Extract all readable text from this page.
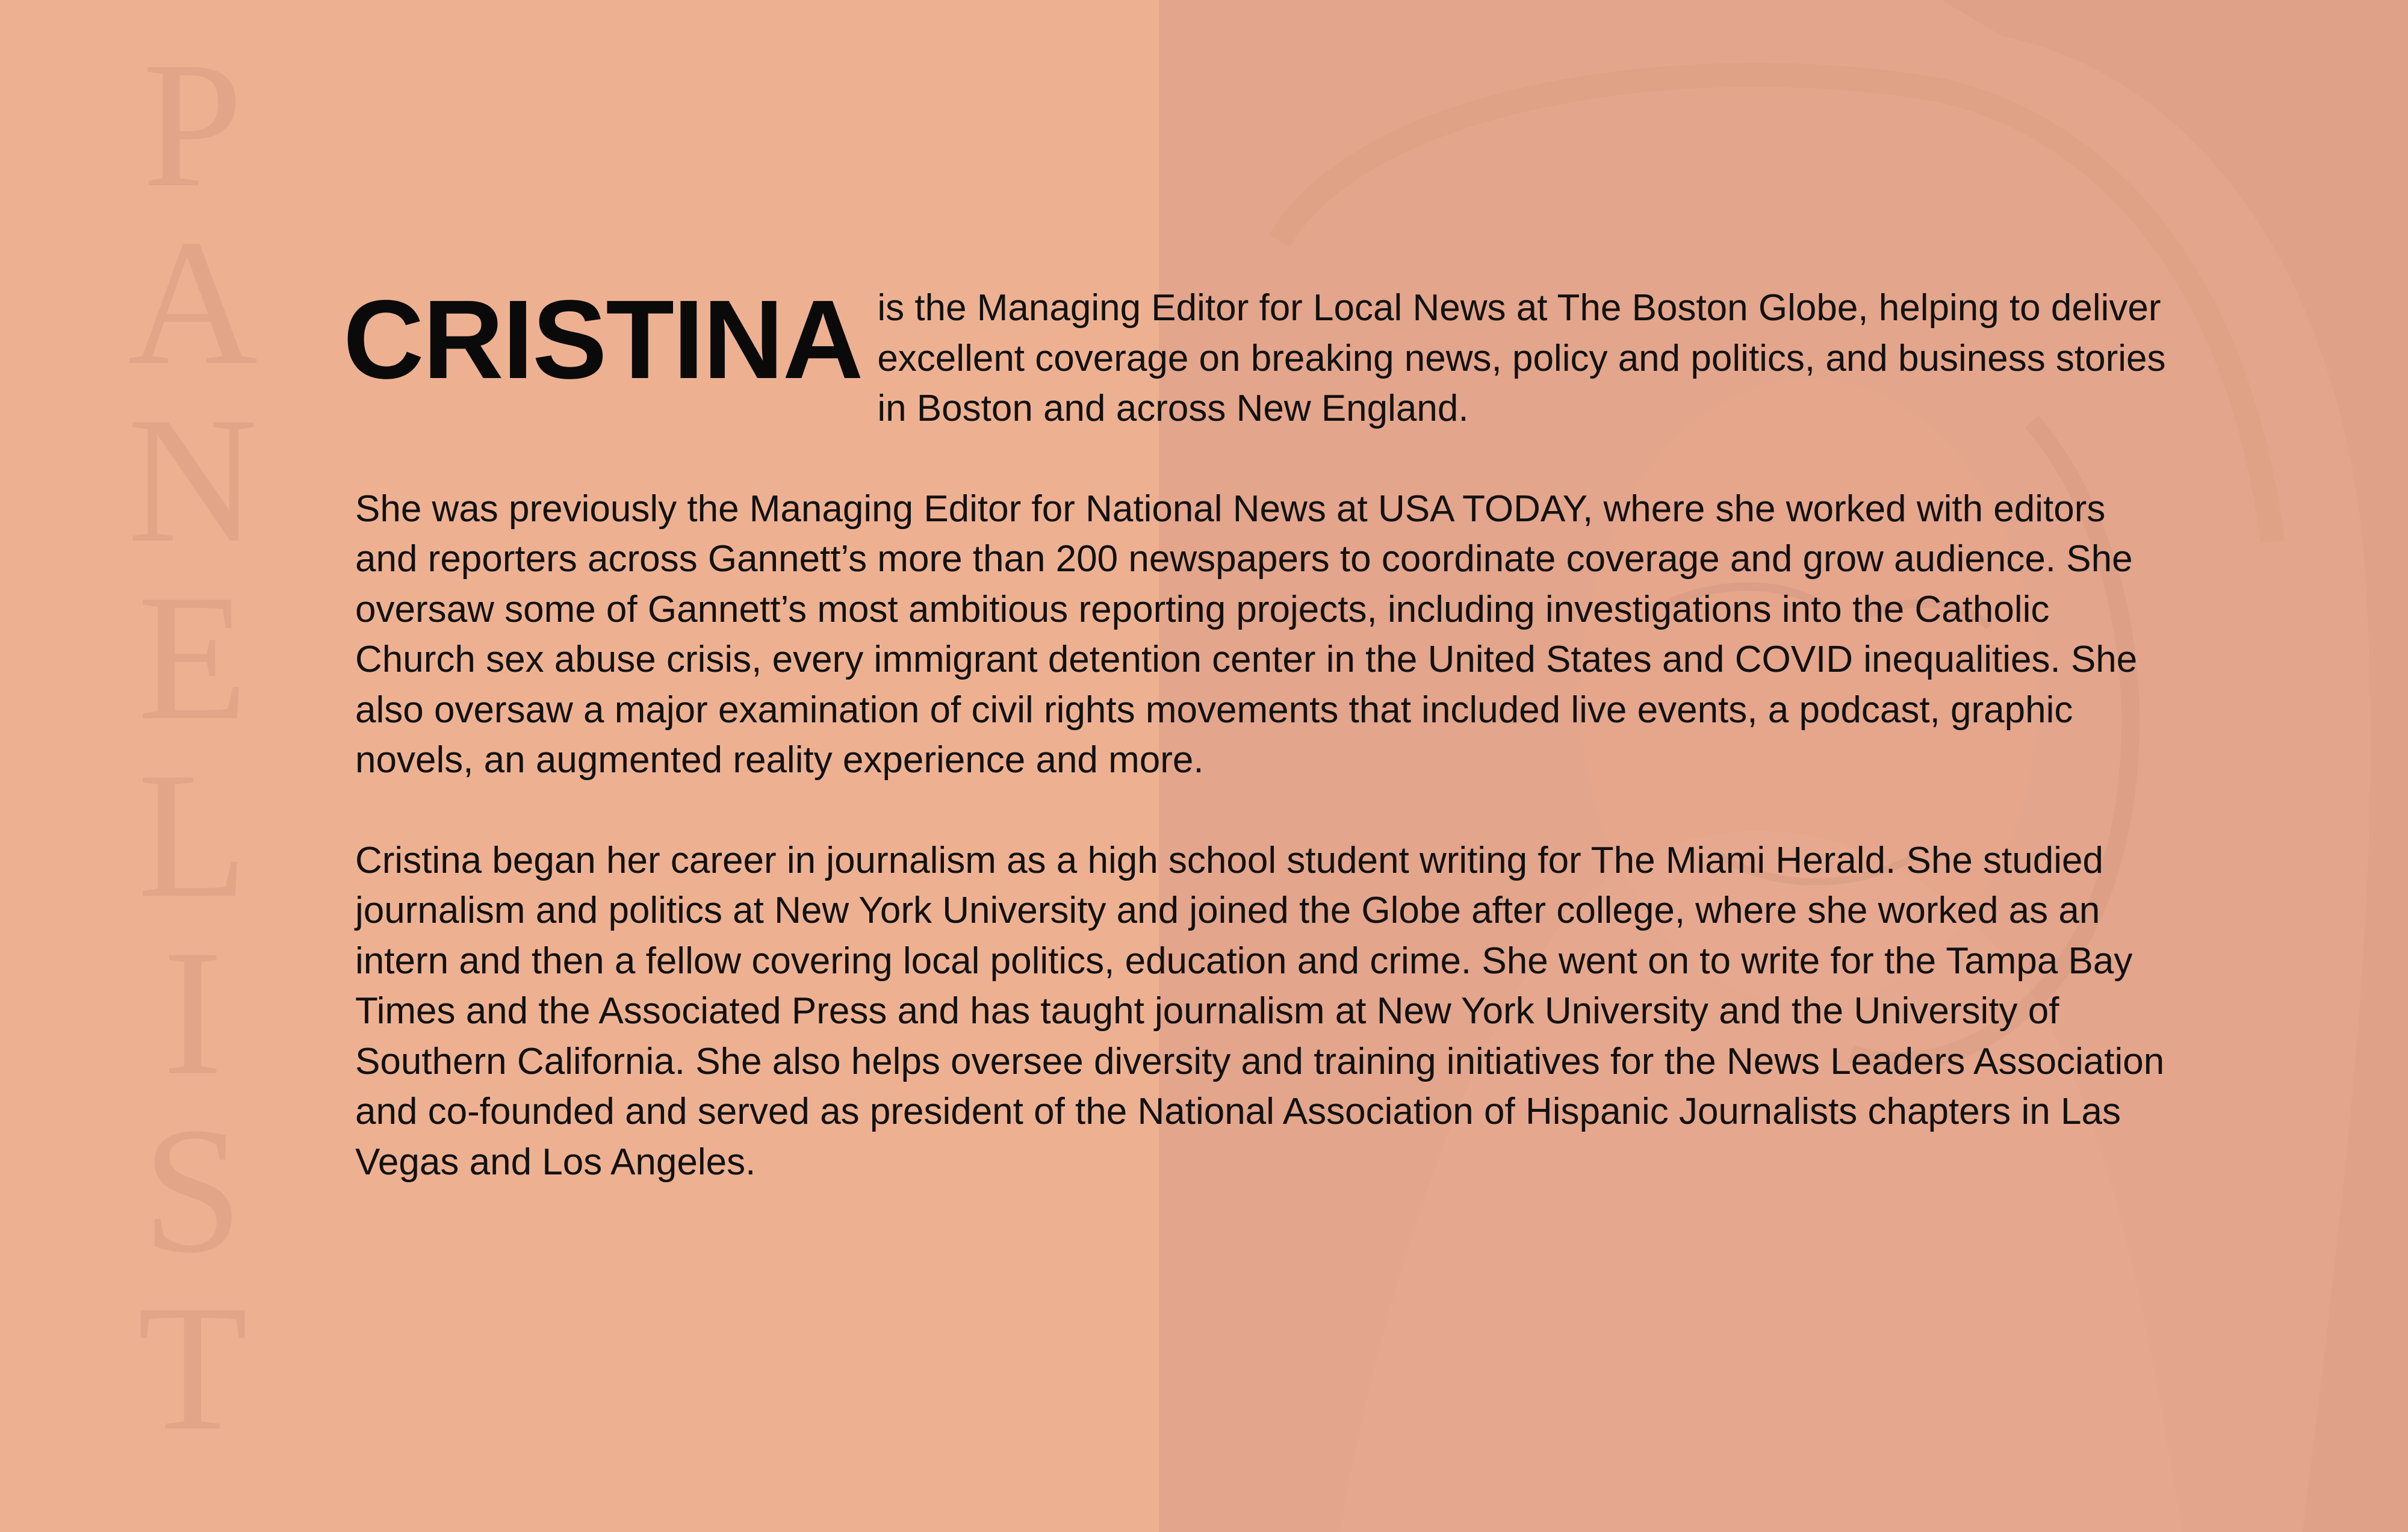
P
A
N
E
L
I
S
T

CRISTINA is the Managing Editor for Local News at The Boston Globe, helping to deliver excellent coverage on breaking news, policy and politics, and business stories in Boston and across New England.

She was previously the Managing Editor for National News at USA TODAY, where she worked with editors and reporters across Gannett’s more than 200 newspapers to coordinate coverage and grow audience. She oversaw some of Gannett’s most ambitious reporting projects, including investigations into the Catholic Church sex abuse crisis, every immigrant detention center in the United States and COVID inequalities. She also oversaw a major examination of civil rights movements that included live events, a podcast, graphic novels, an augmented reality experience and more.

Cristina began her career in journalism as a high school student writing for The Miami Herald. She studied journalism and politics at New York University and joined the Globe after college, where she worked as an intern and then a fellow covering local politics, education and crime. She went on to write for the Tampa Bay Times and the Associated Press and has taught journalism at New York University and the University of Southern California. She also helps oversee diversity and training initiatives for the News Leaders Association and co-founded and served as president of the National Association of Hispanic Journalists chapters in Las Vegas and Los Angeles.
